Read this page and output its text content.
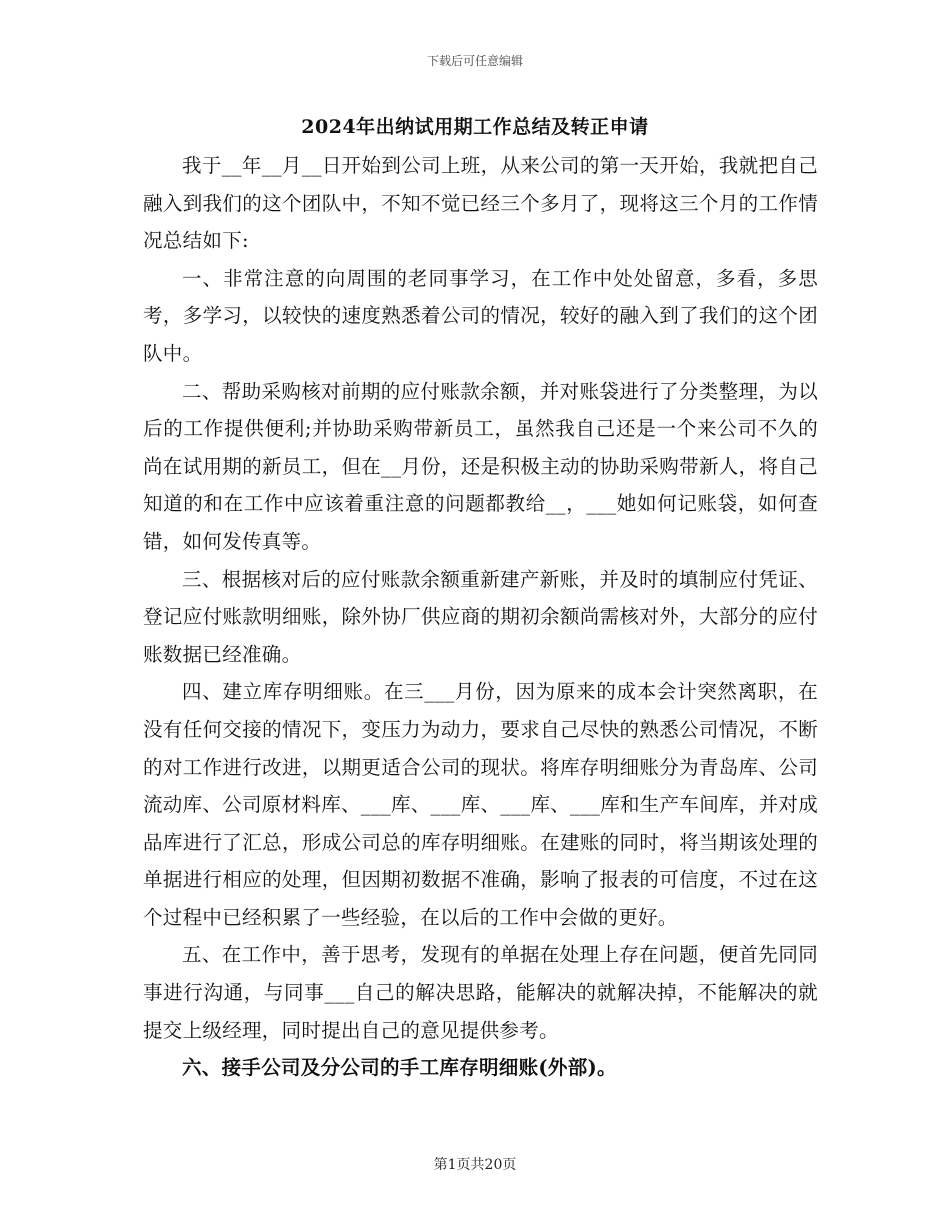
下载后可任意编辑
2024年出纳试用期工作总结及转正申请

我于__年__月__日开始到公司上班，从来公司的第一天开始，我就把自己融入到我们的这个团队中，不知不觉已经三个多月了，现将这三个月的工作情况总结如下:

一、非常注意的向周围的老同事学习，在工作中处处留意，多看，多思考，多学习，以较快的速度熟悉着公司的情况，较好的融入到了我们的这个团队中。

二、帮助采购核对前期的应付账款余额，并对账袋进行了分类整理，为以后的工作提供便利;并协助采购带新员工，虽然我自己还是一个来公司不久的尚在试用期的新员工，但在__月份，还是积极主动的协助采购带新人，将自己知道的和在工作中应该着重注意的问题都教给__，___她如何记账袋，如何查错，如何发传真等。

三、根据核对后的应付账款余额重新建产新账，并及时的填制应付凭证、登记应付账款明细账，除外协厂供应商的期初余额尚需核对外，大部分的应付账数据已经准确。

四、建立库存明细账。在三___月份，因为原来的成本会计突然离职，在没有任何交接的情况下，变压力为动力，要求自己尽快的熟悉公司情况，不断的对工作进行改进，以期更适合公司的现状。将库存明细账分为青岛库、公司流动库、公司原材料库、___库、___库、___库、___库和生产车间库，并对成品库进行了汇总，形成公司总的库存明细账。在建账的同时，将当期该处理的单据进行相应的处理，但因期初数据不准确，影响了报表的可信度，不过在这个过程中已经积累了一些经验，在以后的工作中会做的更好。

五、在工作中，善于思考，发现有的单据在处理上存在问题，便首先同同事进行沟通，与同事___自己的解决思路，能解决的就解决掉，不能解决的就提交上级经理，同时提出自己的意见提供参考。

六、接手公司及分公司的手工库存明细账(外部)。

第1页共20页
